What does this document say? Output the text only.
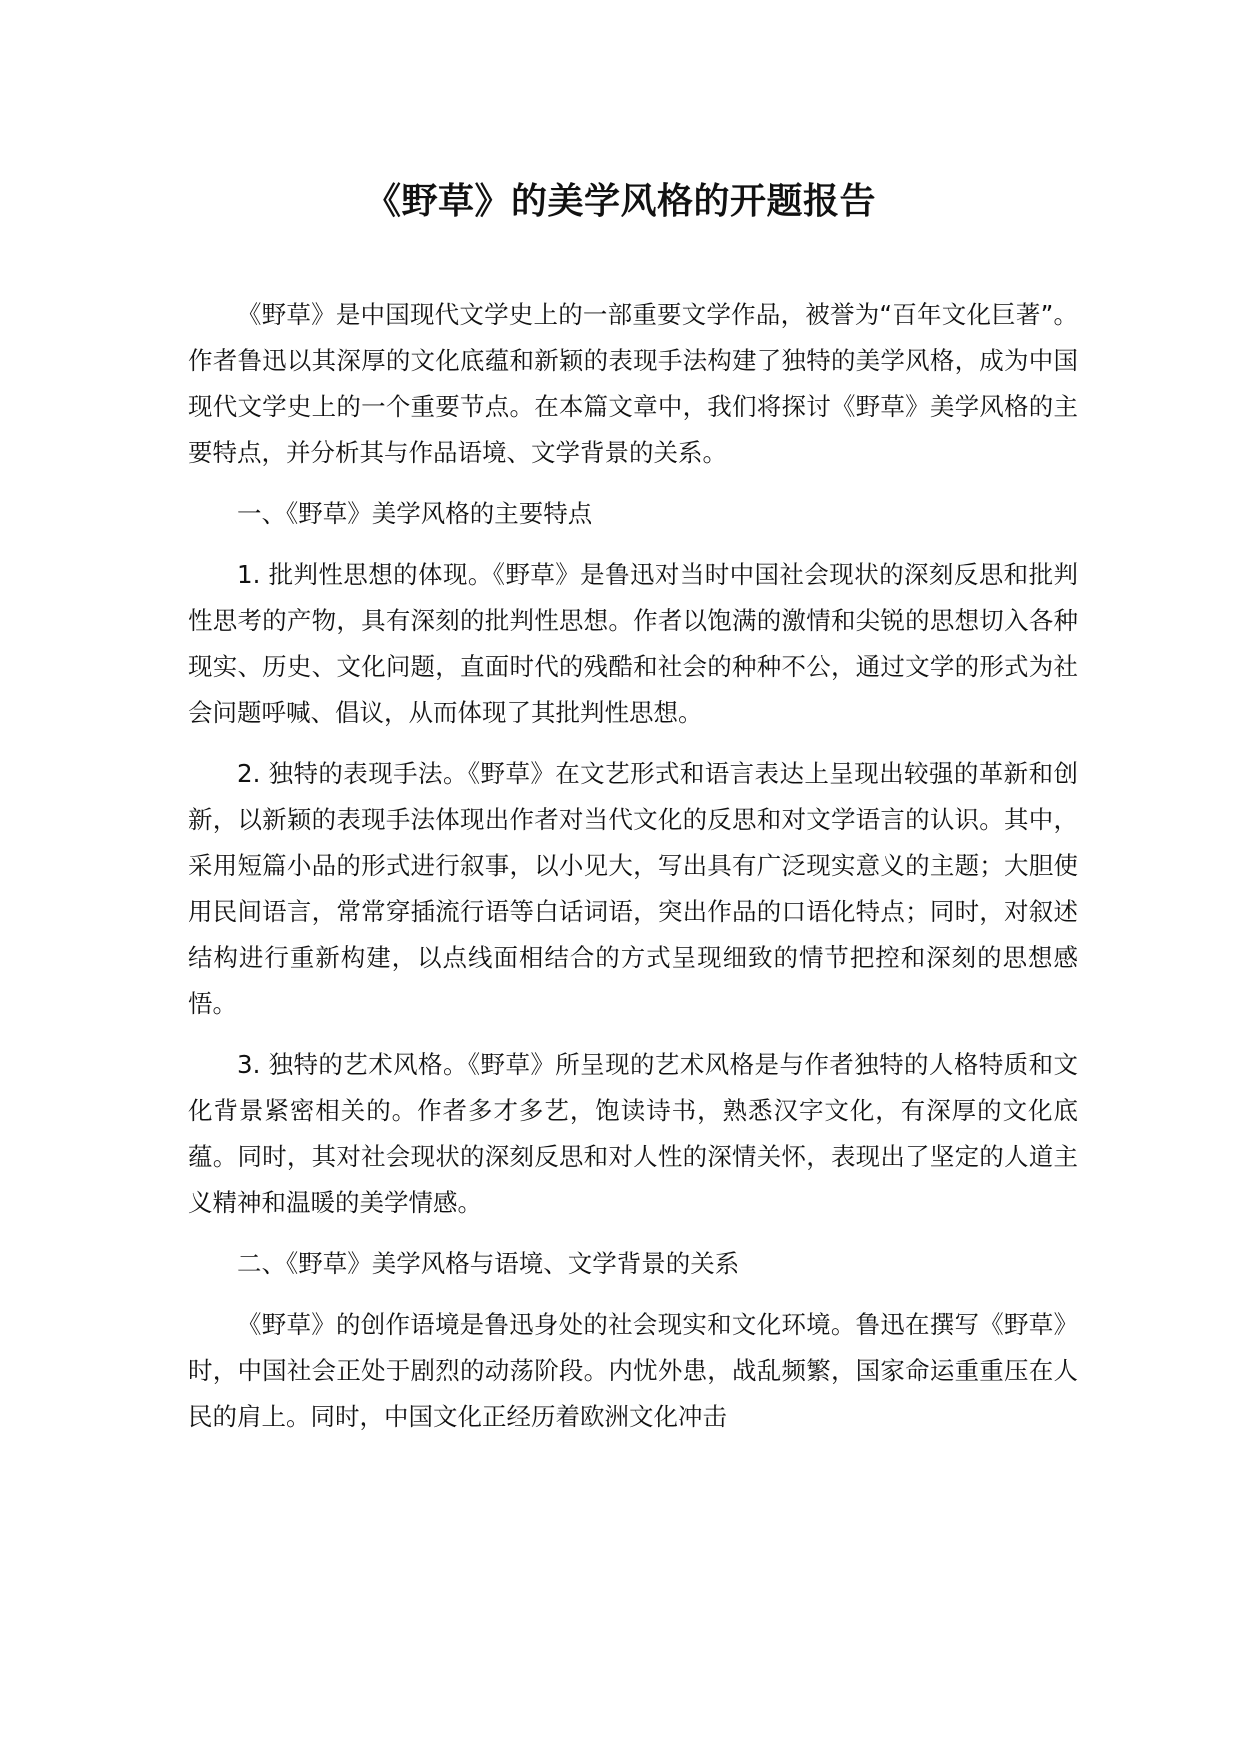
《野草》的美学风格的开题报告

《野草》是中国现代文学史上的一部重要文学作品，被誉为“百年文化巨著”。作者鲁迅以其深厚的文化底蕴和新颖的表现手法构建了独特的美学风格，成为中国现代文学史上的一个重要节点。在本篇文章中，我们将探讨《野草》美学风格的主要特点，并分析其与作品语境、文学背景的关系。

一、《野草》美学风格的主要特点

1. 批判性思想的体现。《野草》是鲁迅对当时中国社会现状的深刻反思和批判性思考的产物，具有深刻的批判性思想。作者以饱满的激情和尖锐的思想切入各种现实、历史、文化问题，直面时代的残酷和社会的种种不公，通过文学的形式为社会问题呼喊、倡议，从而体现了其批判性思想。

2. 独特的表现手法。《野草》在文艺形式和语言表达上呈现出较强的革新和创新，以新颖的表现手法体现出作者对当代文化的反思和对文学语言的认识。其中，采用短篇小品的形式进行叙事，以小见大，写出具有广泛现实意义的主题；大胆使用民间语言，常常穿插流行语等白话词语，突出作品的口语化特点；同时，对叙述结构进行重新构建，以点线面相结合的方式呈现细致的情节把控和深刻的思想感悟。

3. 独特的艺术风格。《野草》所呈现的艺术风格是与作者独特的人格特质和文化背景紧密相关的。作者多才多艺，饱读诗书，熟悉汉字文化，有深厚的文化底蕴。同时，其对社会现状的深刻反思和对人性的深情关怀，表现出了坚定的人道主义精神和温暖的美学情感。

二、《野草》美学风格与语境、文学背景的关系

《野草》的创作语境是鲁迅身处的社会现实和文化环境。鲁迅在撰写《野草》时，中国社会正处于剧烈的动荡阶段。内忧外患，战乱频繁，国家命运重重压在人民的肩上。同时，中国文化正经历着欧洲文化冲击
